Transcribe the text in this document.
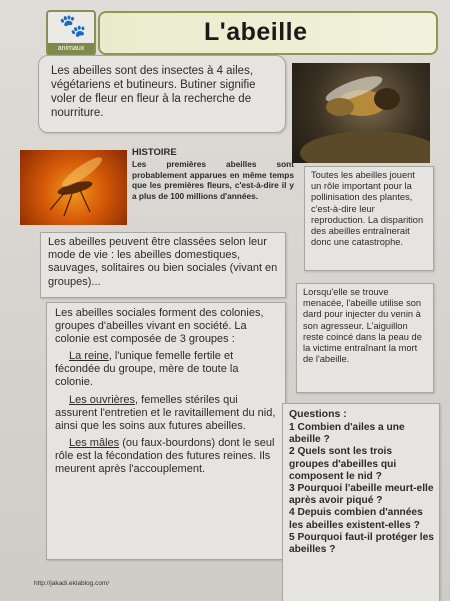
🐾
animaux
L'abeille

Les abeilles sont des insectes à 4 ailes, végétariens et butineurs. Butiner signifie voler de fleur en fleur à la recherche de nourriture.

HISTOIRE

Les premières abeilles sont probablement apparues en même temps que les premières fleurs, c'est-à-dire il y a plus de 100 millions d'années.

Toutes les abeilles jouent un rôle important pour la pollinisation des plantes, c'est-à-dire leur reproduction. La disparition des abeilles entraînerait donc une catastrophe.

Les abeilles peuvent être classées selon leur mode de vie : les abeilles domestiques, sauvages, solitaires ou bien sociales (vivant en groupes)...

Lorsqu'elle se trouve menacée, l'abeille utilise son dard pour injecter du venin à son agresseur. L'aiguillon reste coincé dans la peau de la victime entraînant la mort de l'abeille.

Les abeilles sociales forment des colonies, groupes d'abeilles vivant en société. La colonie est composée de 3 groupes :

La reine, l'unique femelle fertile et fécondée du groupe, mère de toute la colonie.

Les ouvrières, femelles stériles qui assurent l'entretien et le ravitaillement du nid, ainsi que les soins aux futures abeilles.

Les mâles (ou faux-bourdons) dont le seul rôle est la fécondation des futures reines. Ils meurent après l'accouplement.

Questions :
1 Combien d'ailes a une abeille ?
2 Quels sont les trois groupes d'abeilles qui composent le nid ?
3 Pourquoi l'abeille meurt-elle après avoir piqué ?
4 Depuis combien d'années les abeilles existent-elles ?
5 Pourquoi faut-il protéger les abeilles ?
http://jakadi.eklablog.com/
